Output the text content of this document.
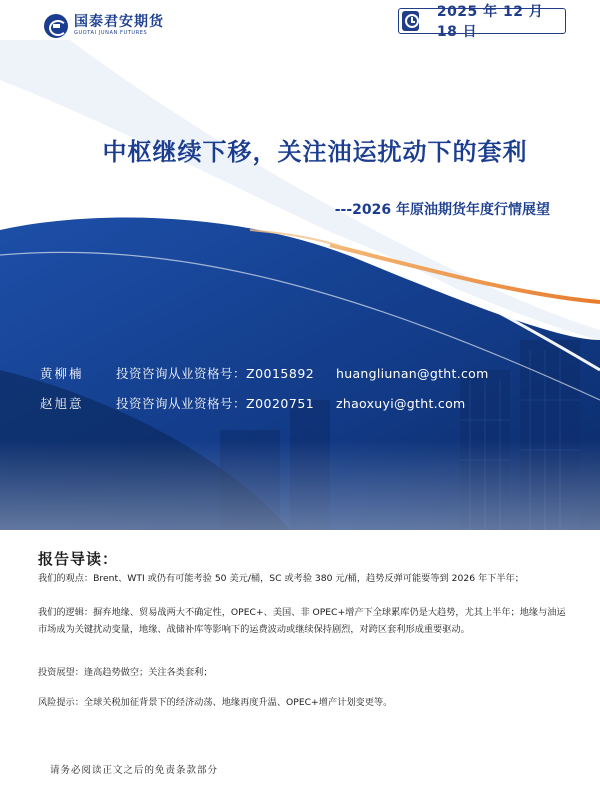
国泰君安期货
GUOTAI JUNAN FUTURES
2025 年 12 月 18 日
中枢继续下移，关注油运扰动下的套利
---2026 年原油期货年度行情展望
黄柳楠	投资咨询从业资格号：Z0015892	huangliunan@gtht.com
赵旭意	投资咨询从业资格号：Z0020751	zhaoxuyi@gtht.com
报告导读：
我们的观点：Brent、WTI 或仍有可能考验 50 美元/桶，SC 或考验 380 元/桶，趋势反弹可能要等到 2026 年下半年；
我们的逻辑：摒弃地缘、贸易战两大不确定性，OPEC+、美国、非 OPEC+增产下全球累库仍是大趋势，尤其上半年；地缘与油运市场成为关键扰动变量，地缘、战储补库等影响下的运费波动或继续保持剧烈，对跨区套利形成重要驱动。
投资展望：逢高趋势做空；关注各类套利；
风险提示：全球关税加征背景下的经济动荡、地缘再度升温、OPEC+增产计划变更等。
请务必阅读正文之后的免责条款部分
